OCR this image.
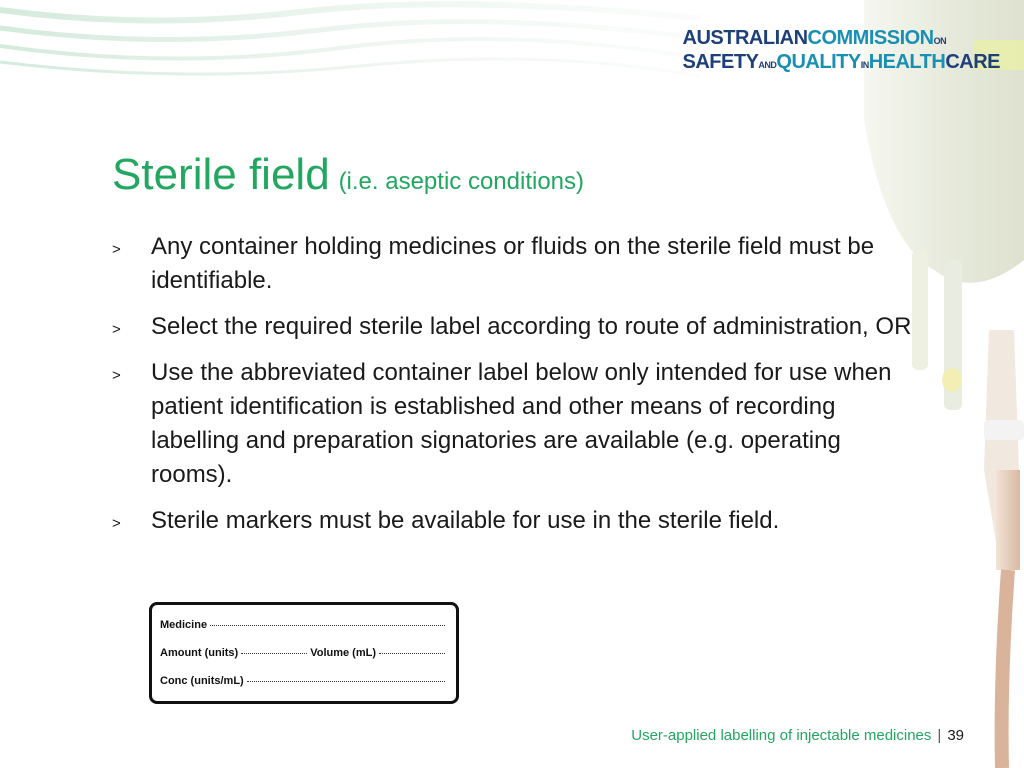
AUSTRALIANCOMMISSIONON
SAFETYANDQUALITYINHEALTHCARE
Sterile field (i.e. aseptic conditions)
> Any container holding medicines or fluids on the sterile field must be identifiable.
> Select the required sterile label according to route of administration, OR
> Use the abbreviated container label below only intended for use when patient identification is established and other means of recording labelling and preparation signatories are available (e.g. operating rooms).
> Sterile markers must be available for use in the sterile field.
Medicine
Amount (units)	Volume (mL)
Conc (units/mL)
User-applied labelling of injectable medicines | 39
